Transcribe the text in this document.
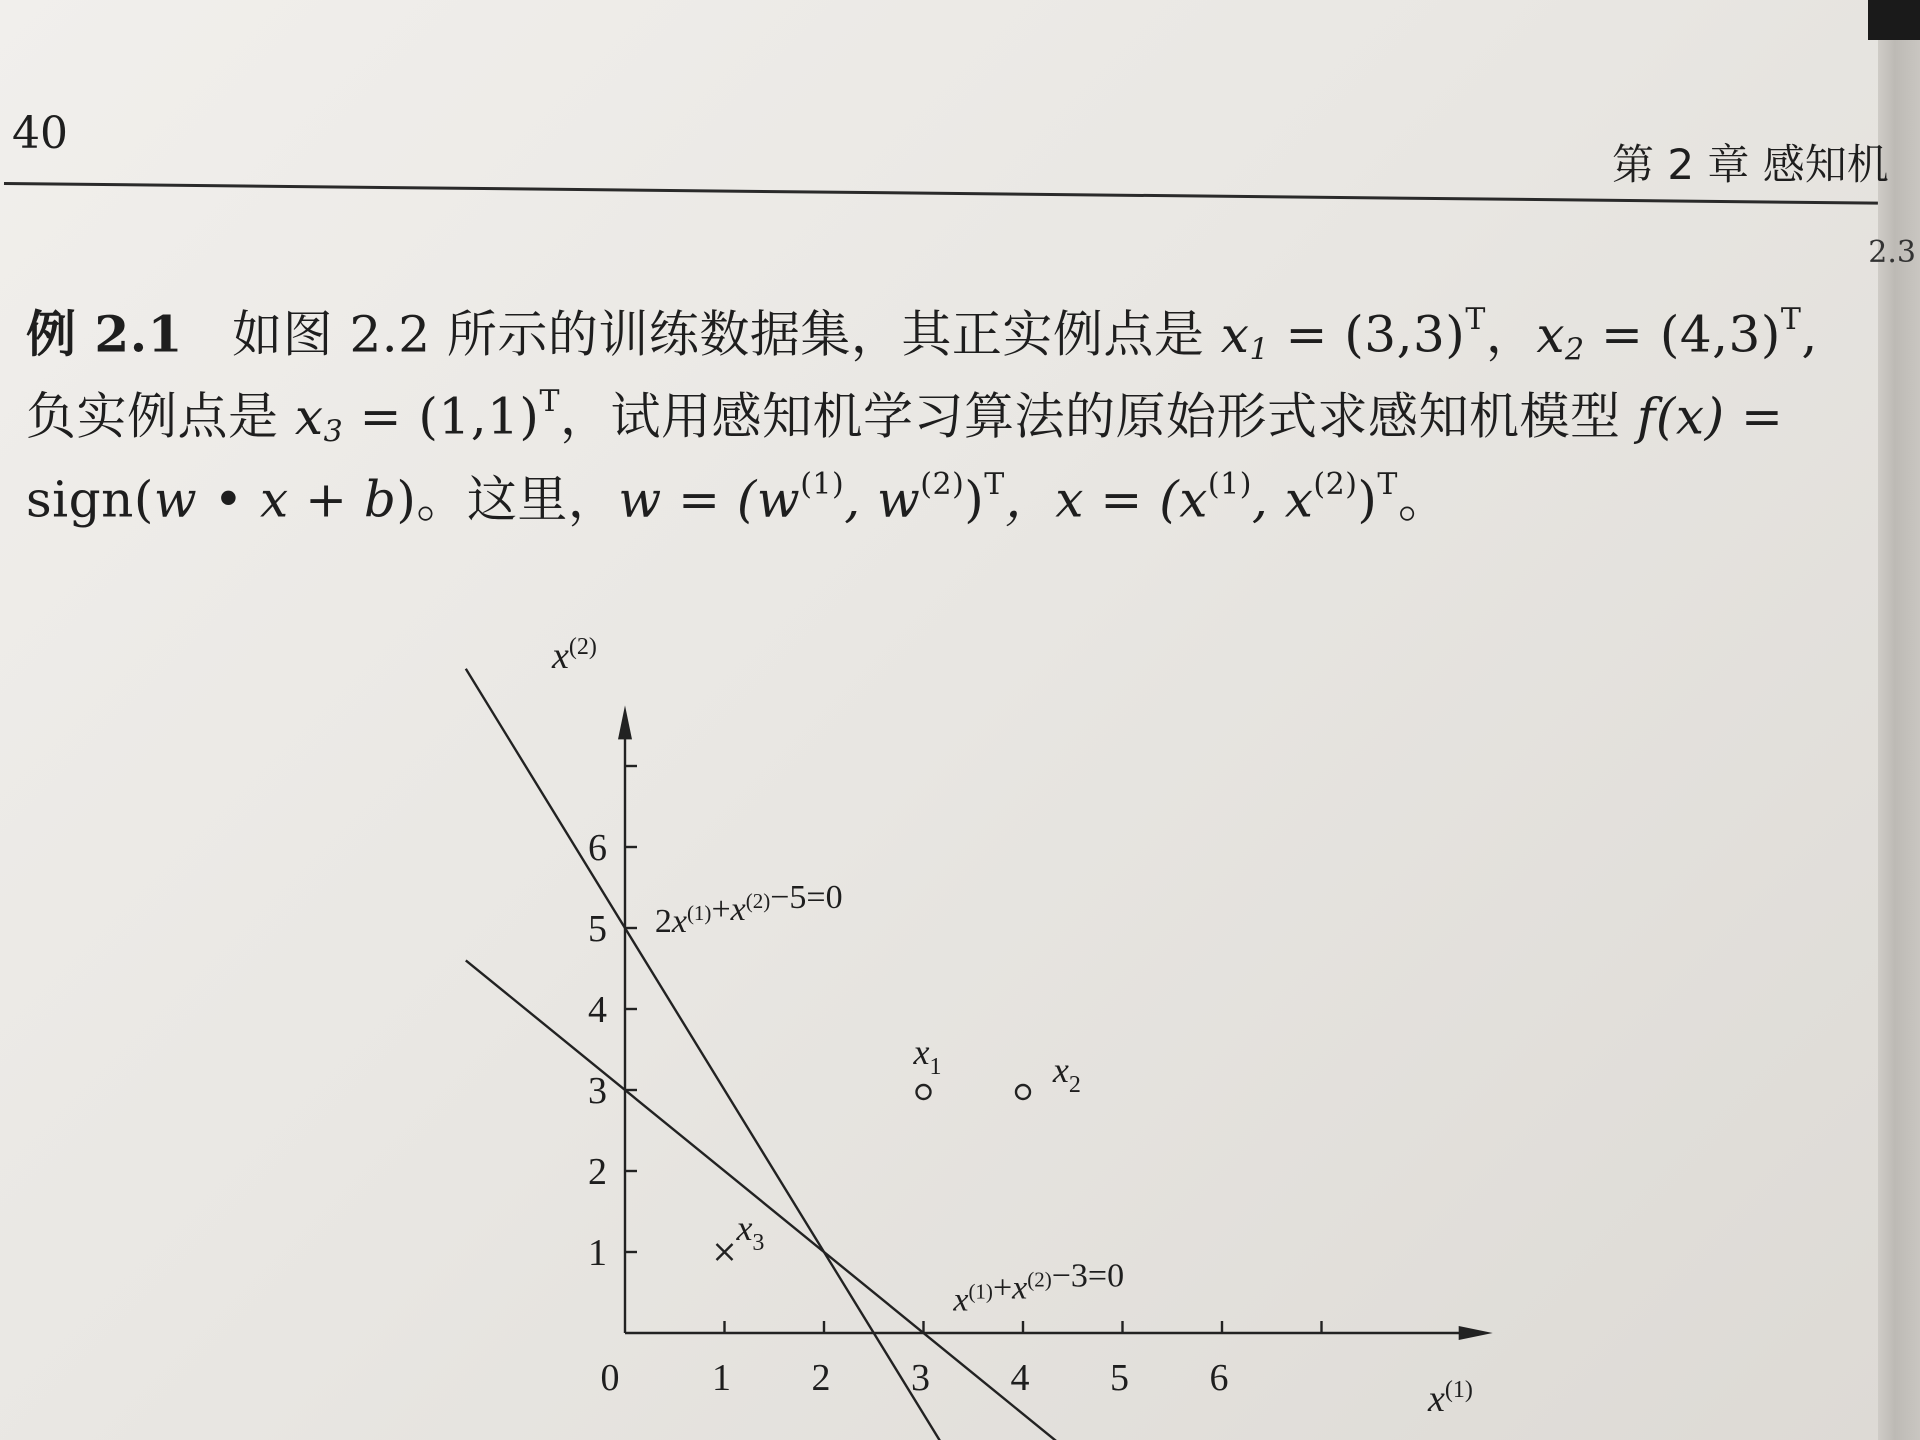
40
第 2 章 感知机
2.3
例 2.1 如图 2.2 所示的训练数据集，其正实例点是 $x_1 = (3,3)^T$，$x_2 = (4,3)^T$,
负实例点是 $x_3 = (1,1)^T$，试用感知机学习算法的原始形式求感知机模型 f(x) =
sign(w • x + b)。这里，$w = (w^{(1)}$, $w^{(2)})^T$，$x = (x^{(1)}$, $x^{(2)})^T$。
0 1 2 3 4 5 6
1
2
3
4
5
6
$x^{(2)}$
$x^{(1)}$
$2x^{(1)}+x^{(2)}-5=0$
$x^{(1)}+x^{(2)}-3=0$
$x_1$	$x_2$
$x_3$
